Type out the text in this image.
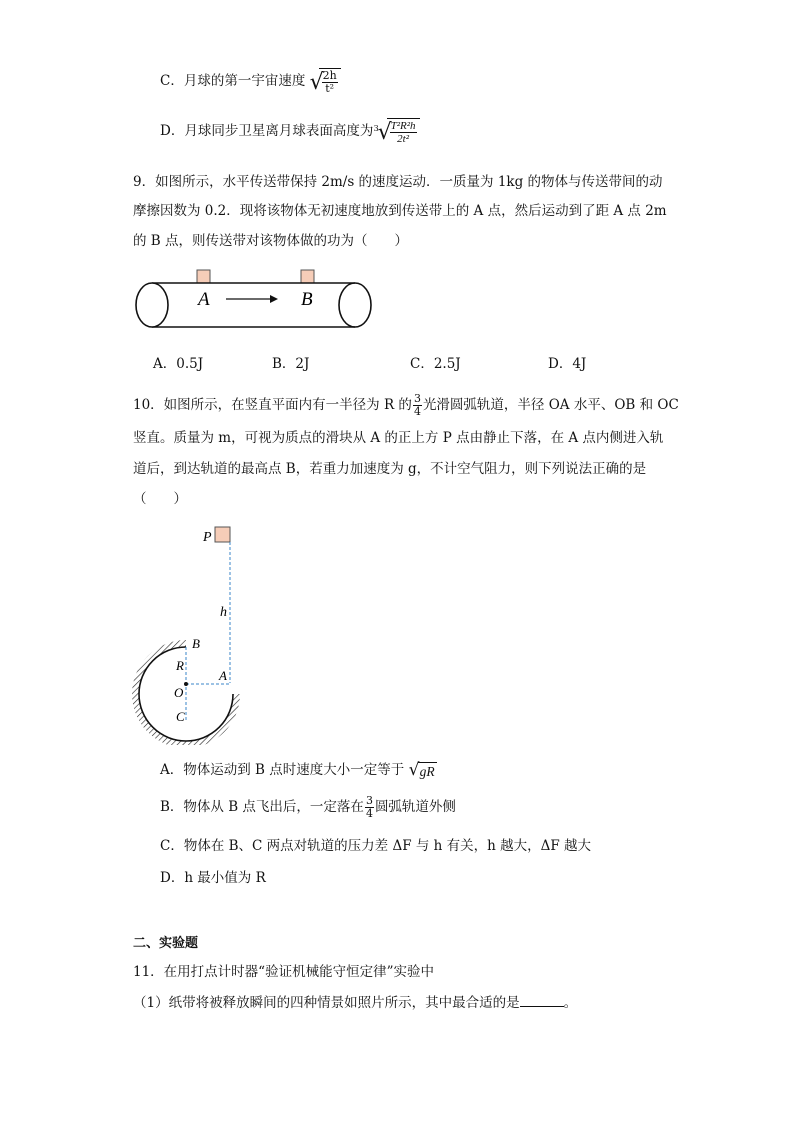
C．月球的第一宇宙速度 √
$\frac{2h}{\text{t²}}$
D．月球同步卫星离月球表面高度为 3
√
$\frac{\text{T²R²h}}{\text{2t²}}$
9．如图所示，水平传送带保持 2m/s 的速度运动．一质量为 1kg 的物体与传送带间的动
摩擦因数为 0.2．现将该物体无初速度地放到传送带上的 A 点，然后运动到了距 A 点 2m
的 B 点，则传送带对该物体做的功为（　　）
A	B
A．0.5J	B．2J	C．2.5J	D．4J
10．如图所示，在竖直平面内有一半径为 R 的 $\frac{3}{4}$ 光滑圆弧轨道，半径 OA 水平、OB 和 OC
竖直。质量为 m，可视为质点的滑块从 A 的正上方 P 点由静止下落，在 A 点内侧进入轨
道后，到达轨道的最高点 B，若重力加速度为 g，不计空气阻力，则下列说法正确的是
（　　）
P
h
B
R
O
A
C
A．物体运动到 B 点时速度大小一定等于 √ gR
B．物体从 B 点飞出后，一定落在 $\frac{3}{4}$ 圆弧轨道外侧
C．物体在 B、C 两点对轨道的压力差 ΔF 与 h 有关，h 越大，ΔF 越大
D．h 最小值为 R
二、实验题
11．在用打点计时器“验证机械能守恒定律”实验中
（1）纸带将被释放瞬间的四种情景如照片所示，其中最合适的是	。
